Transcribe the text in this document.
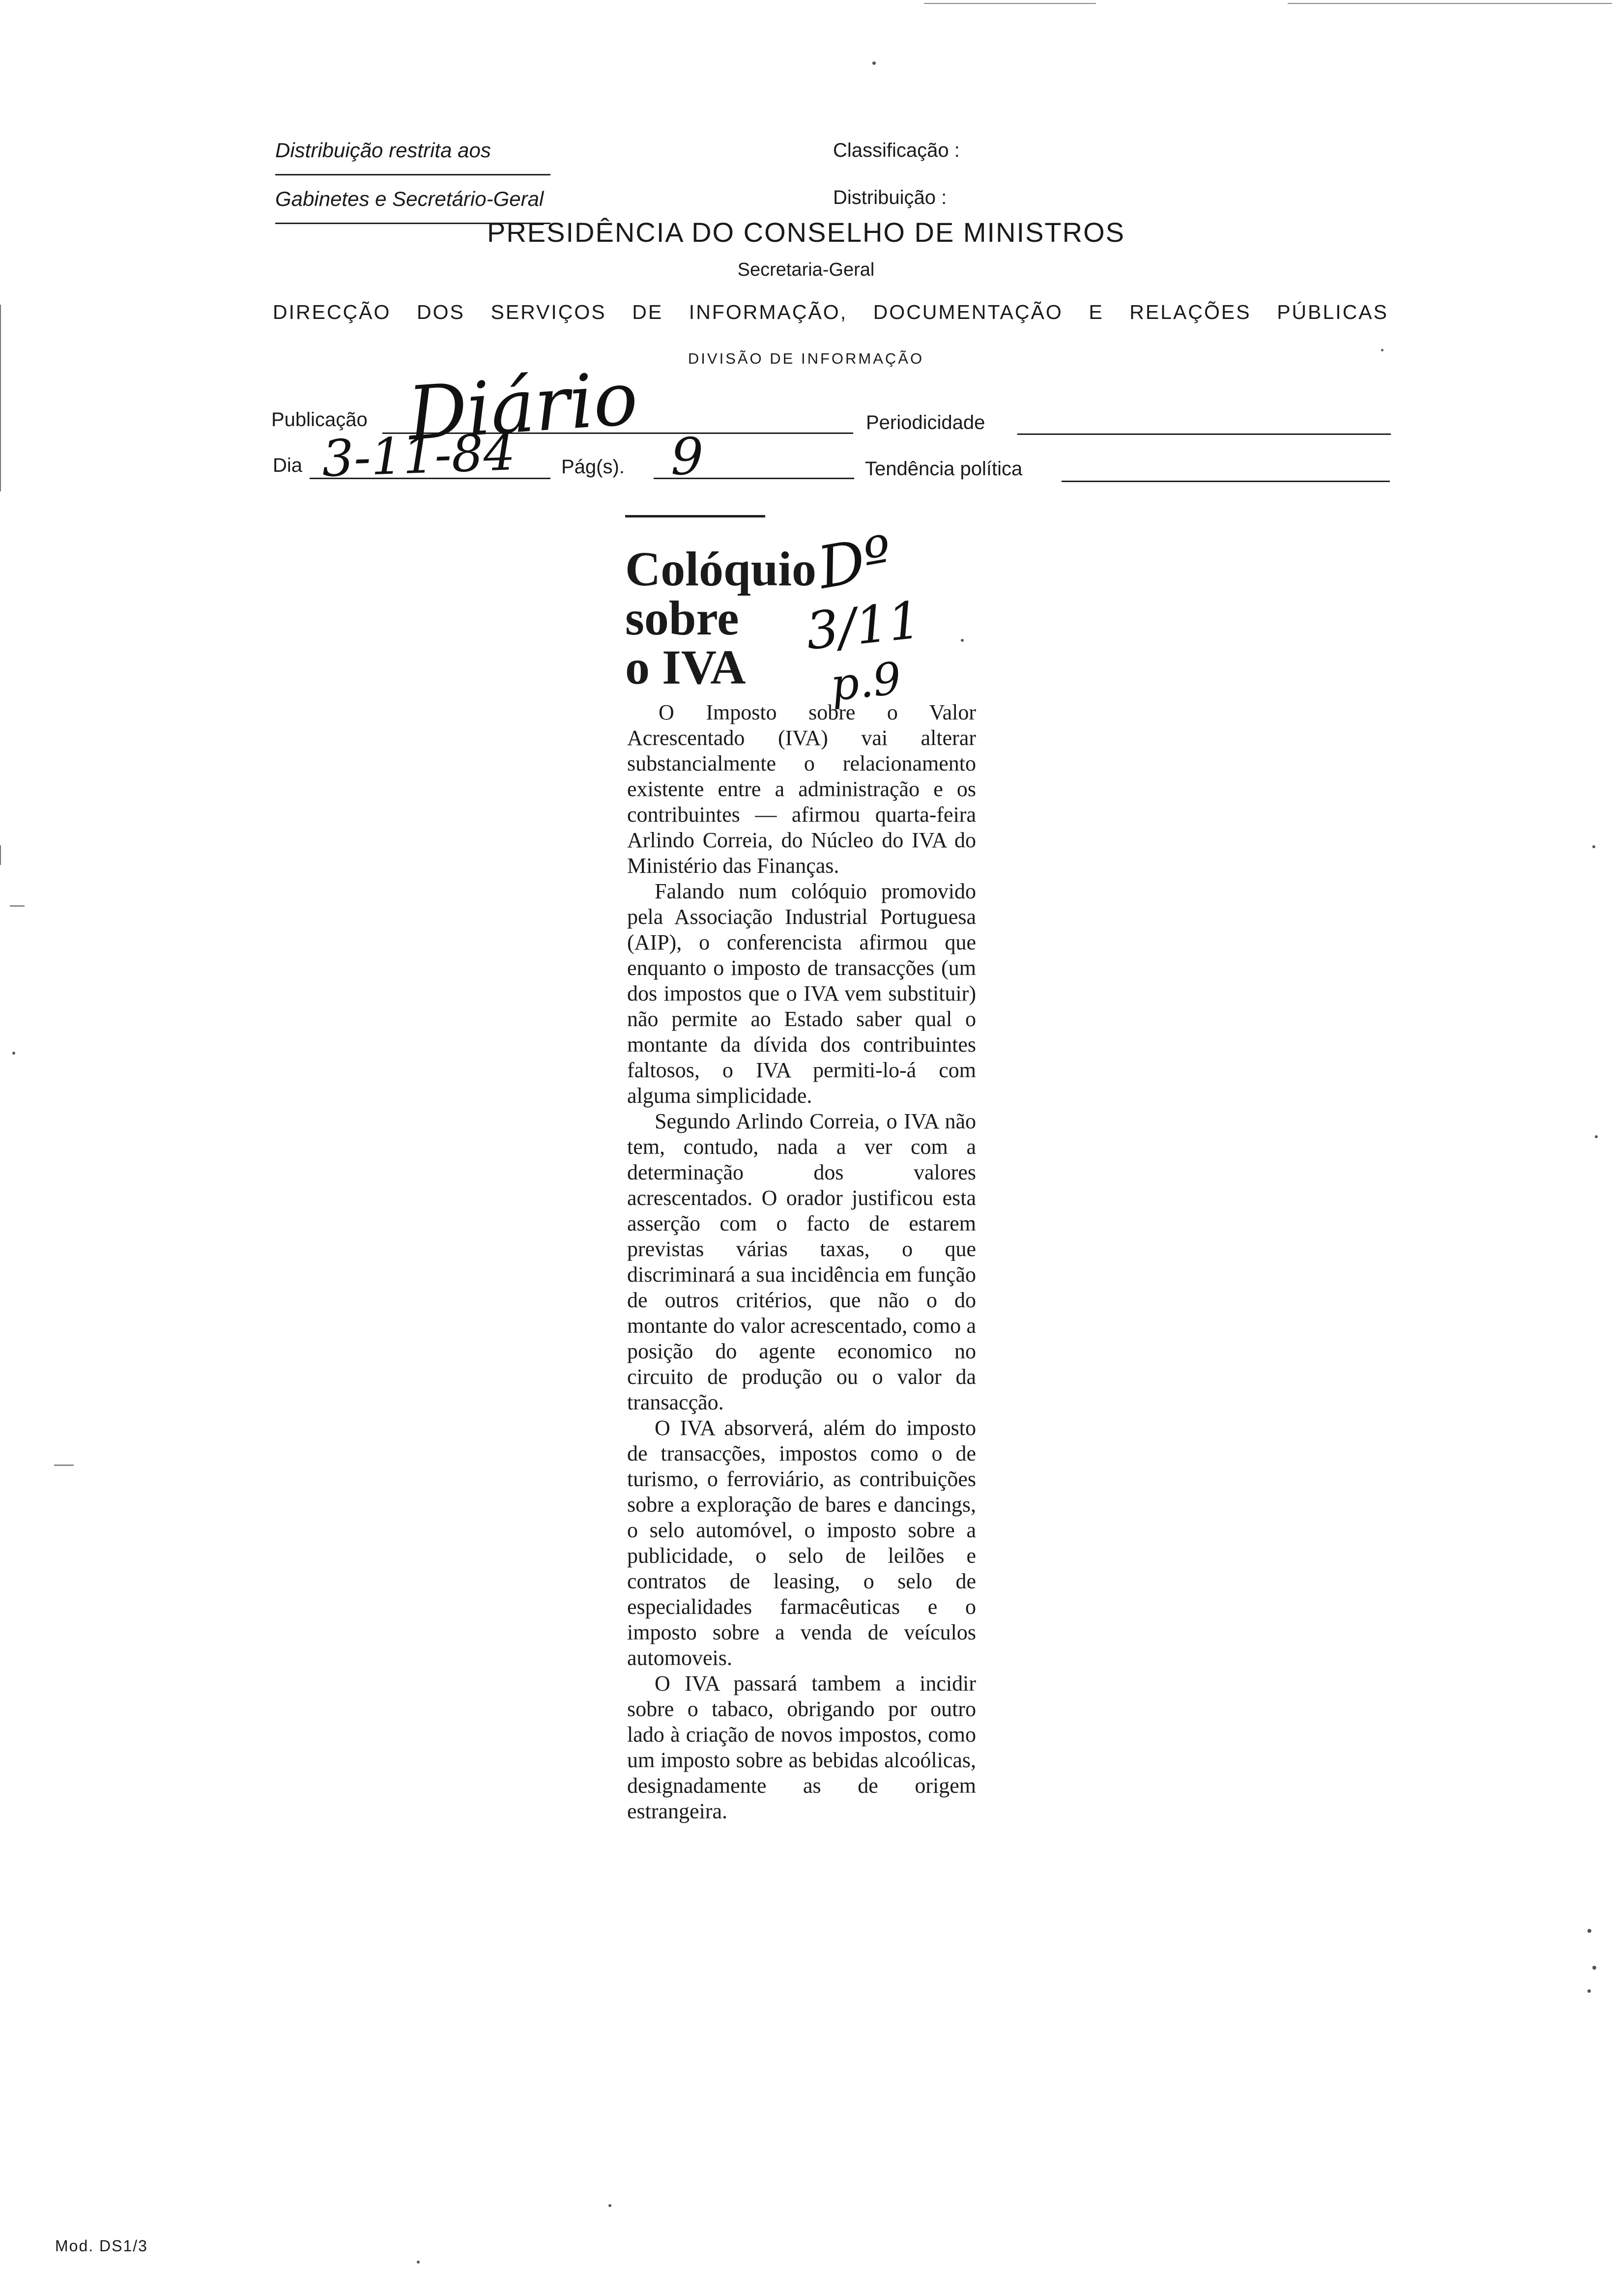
Distribuição restrita aos
Gabinetes e Secretário-Geral
Classificação :
Distribuição :
PRESIDÊNCIA DO CONSELHO DE MINISTROS
Secretaria-Geral
DIRECÇÃO DOS SERVIÇOS DE INFORMAÇÃO, DOCUMENTAÇÃO E RELAÇÕES PÚBLICAS
DIVISÃO DE INFORMAÇÃO
Publicação Diário	Periodicidade
Dia 3-11-84 Pág(s). 9	Tendência política
Colóquio
sobre
o IVA
Dº
3/11
p.9

O Imposto sobre o Valor Acrescentado (IVA) vai alterar substancialmente o relacionamento existente entre a administração e os contribuintes — afirmou quarta-feira Arlindo Correia, do Núcleo do IVA do Ministério das Finanças.

Falando num colóquio promovido pela Associação Industrial Portuguesa (AIP), o conferencista afirmou que enquanto o imposto de transacções (um dos impostos que o IVA vem substituir) não permite ao Estado saber qual o montante da dívida dos contribuintes faltosos, o IVA permiti-lo-á com alguma simplicidade.

Segundo Arlindo Correia, o IVA não tem, contudo, nada a ver com a determinação dos valores acrescentados. O orador justificou esta asserção com o facto de estarem previstas várias taxas, o que discriminará a sua incidência em função de outros critérios, que não o do montante do valor acrescentado, como a posição do agente economico no circuito de produção ou o valor da transacção.

O IVA absorverá, além do imposto de transacções, impostos como o de turismo, o ferroviário, as contribuições sobre a exploração de bares e dancings, o selo automóvel, o imposto sobre a publicidade, o selo de leilões e contratos de leasing, o selo de especialidades farmacêuticas e o imposto sobre a venda de veículos automoveis.

O IVA passará tambem a incidir sobre o tabaco, obrigando por outro lado à criação de novos impostos, como um imposto sobre as bebidas alcoólicas, designadamente as de origem estrangeira.

Mod. DS1/3
